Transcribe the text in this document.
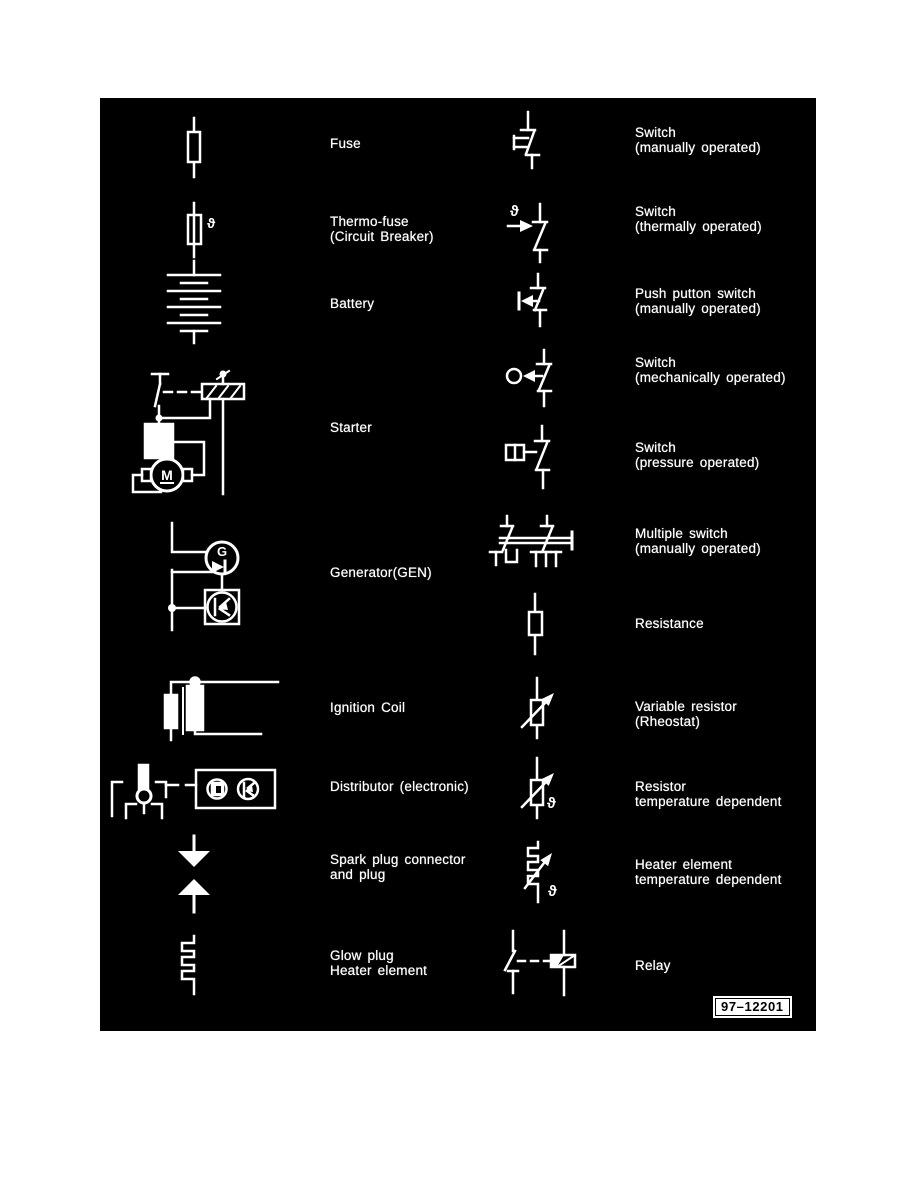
ϑ
M
G
ϑ
ϑ
ϑ
Fuse
Thermo-fuse
(Circuit Breaker)
Battery
Starter
Generator(GEN)
Ignition Coil
Distributor (electronic)
Spark plug connector
and plug
Glow plug
Heater element
Switch
(manually operated)
Switch
(thermally operated)
Push putton switch
(manually operated)
Switch
(mechanically operated)
Switch
(pressure operated)
Multiple switch
(manually operated)
Resistance
Variable resistor
(Rheostat)
Resistor
temperature dependent
Heater element
temperature dependent
Relay
97–12201
